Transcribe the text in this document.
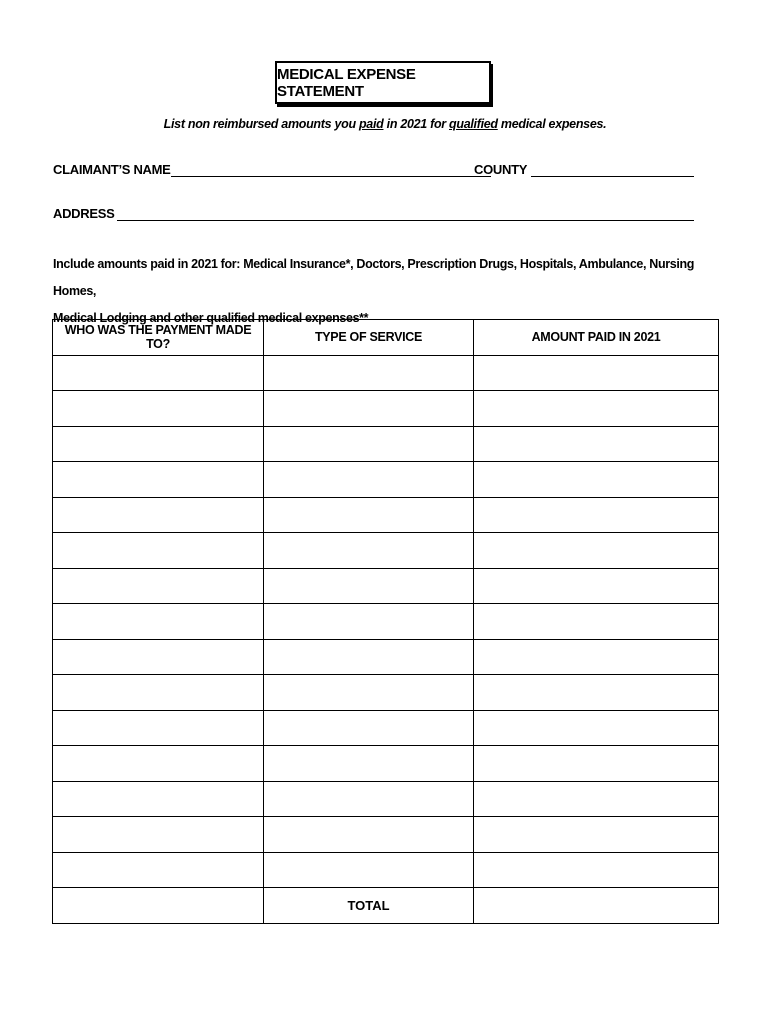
MEDICAL EXPENSE STATEMENT
List non reimbursed amounts you paid in 2021 for qualified medical expenses.
CLAIMANT’S NAME	COUNTY
ADDRESS
Include amounts paid in 2021 for: Medical Insurance*, Doctors, Prescription Drugs, Hospitals, Ambulance, Nursing Homes,
Medical Lodging and other qualified medical expenses**
WHO WAS THE PAYMENT MADE TO?	TYPE OF SERVICE	AMOUNT PAID IN 2021

	TOTAL	
